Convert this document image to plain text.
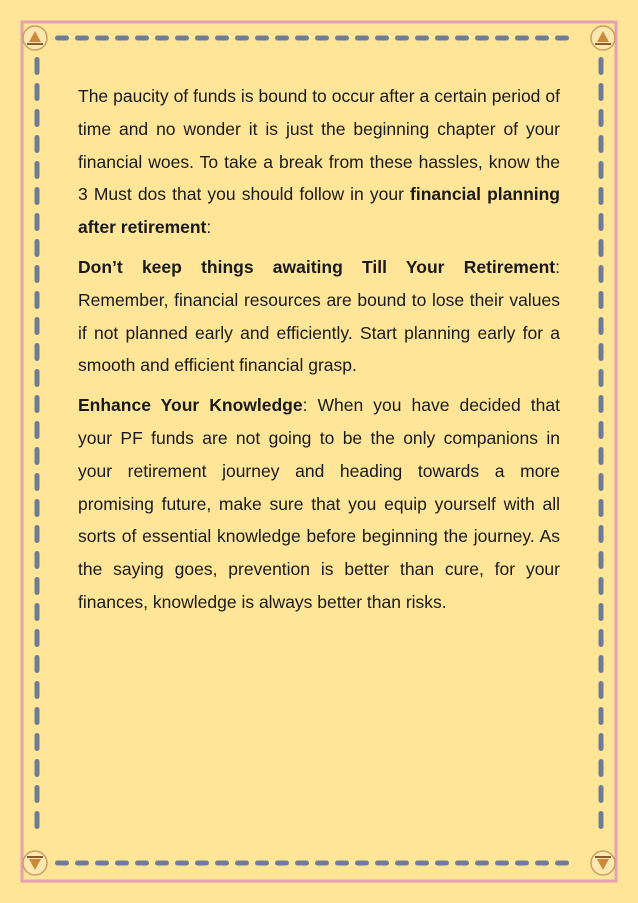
The paucity of funds is bound to occur after a certain period of time and no wonder it is just the beginning chapter of your financial woes. To take a break from these hassles, know the 3 Must dos that you should follow in your financial planning after retirement:

Don’t keep things awaiting Till Your Retirement: Remember, financial resources are bound to lose their values if not planned early and efficiently. Start planning early for a smooth and efficient financial grasp.

Enhance Your Knowledge: When you have decided that your PF funds are not going to be the only companions in your retirement journey and heading towards a more promising future, make sure that you equip yourself with all sorts of essential knowledge before beginning the journey. As the saying goes, prevention is better than cure, for your finances, knowledge is always better than risks.
